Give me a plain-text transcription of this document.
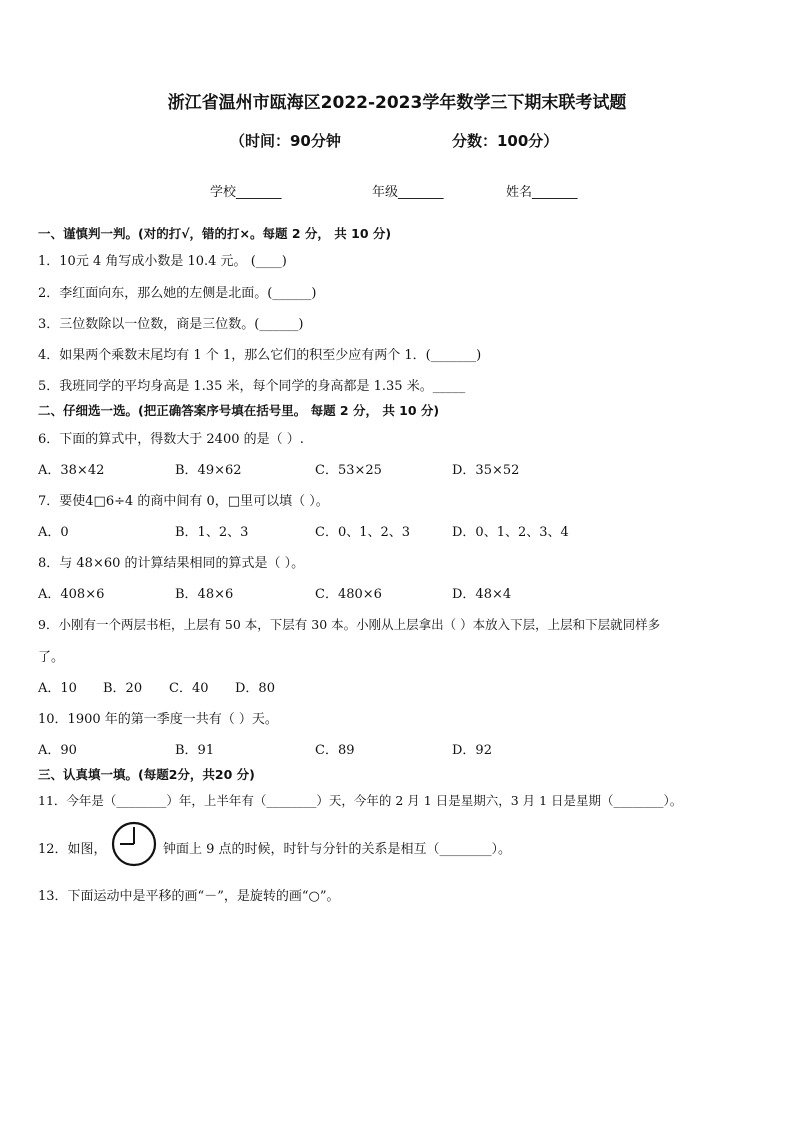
浙江省温州市瓯海区2022-2023学年数学三下期末联考试题
（时间：90分钟	分数：100分）
学校_______	年级_______	姓名_______
一、谨慎判一判。(对的打√，错的打×。每题 2 分， 共 10 分)
1．10元 4 角写成小数是 10.4 元。 (____)
2．李红面向东，那么她的左侧是北面。(______)
3．三位数除以一位数，商是三位数。(______)
4．如果两个乘数末尾均有 1 个 1，那么它们的积至少应有两个 1．(_______)
5．我班同学的平均身高是 1.35 米，每个同学的身高都是 1.35 米。_____
二、仔细选一选。(把正确答案序号填在括号里。 每题 2 分， 共 10 分)
6．下面的算式中，得数大于 2400 的是（ ）.
A．38×42	B．49×62	C．53×25	D．35×52
7．要使4□6÷4 的商中间有 0，□里可以填（ ）。
A．0	B．1、2、3	C．0、1、2、3	D．0、1、2、3、4
8．与 48×60 的计算结果相同的算式是（ ）。
A．408×6	B．48×6	C．480×6	D．48×4
9．小刚有一个两层书柜，上层有 50 本，下层有 30 本。小刚从上层拿出（ ）本放入下层，上层和下层就同样多
了。
A．10 B．20 C．40 D．80
10．1900 年的第一季度一共有（ ）天。
A．90	B．91	C．89	D．92
三、认真填一填。(每题2分，共20 分)
11．今年是（________）年，上半年有（________）天，今年的 2 月 1 日是星期六，3 月 1 日是星期（________）。
12．如图，	钟面上 9 点的时候，时针与分针的关系是相互（________）。
13．下面运动中是平移的画“－”，是旋转的画“○”。
